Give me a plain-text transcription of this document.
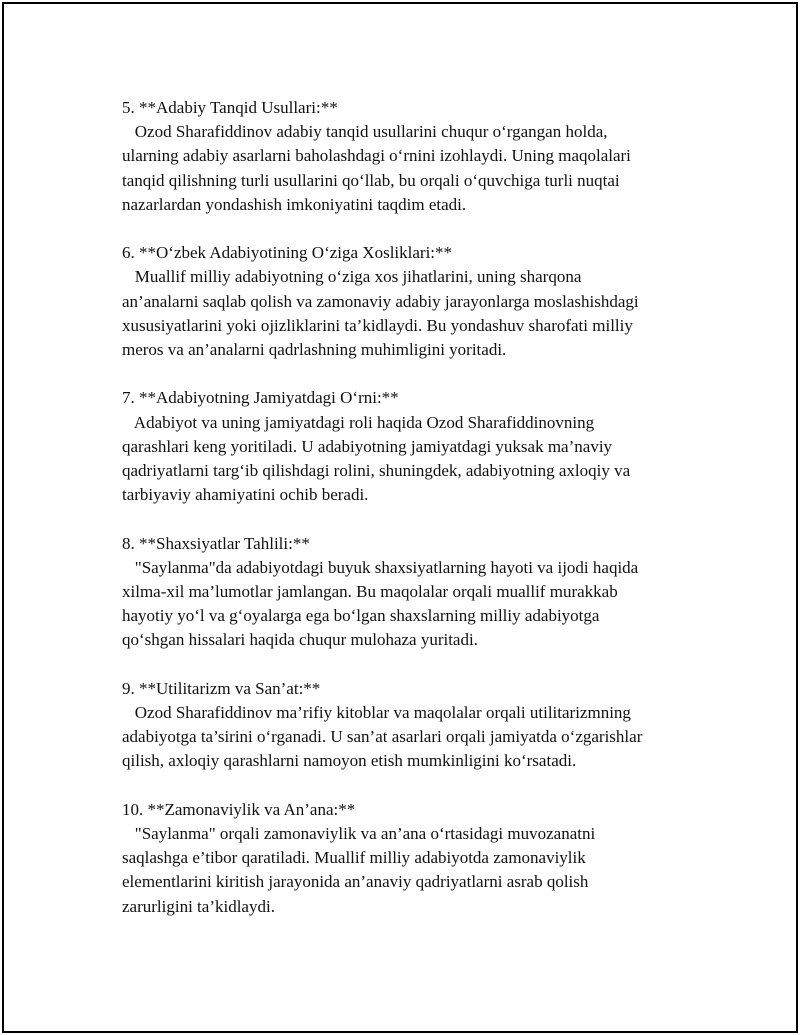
5. **Adabiy Tanqid Usullari:**

Ozod Sharafiddinov adabiy tanqid usullarini chuqur o‘rgangan holda,
ularning adabiy asarlarni baholashdagi o‘rnini izohlaydi. Uning maqolalari
tanqid qilishning turli usullarini qo‘llab, bu orqali o‘quvchiga turli nuqtai
nazarlardan yondashish imkoniyatini taqdim etadi.

6. **O‘zbek Adabiyotining O‘ziga Xosliklari:**

Muallif milliy adabiyotning o‘ziga xos jihatlarini, uning sharqona
an’analarni saqlab qolish va zamonaviy adabiy jarayonlarga moslashishdagi
xususiyatlarini yoki ojizliklarini ta’kidlaydi. Bu yondashuv sharofati milliy
meros va an’analarni qadrlashning muhimligini yoritadi.

7. **Adabiyotning Jamiyatdagi O‘rni:**

Adabiyot va uning jamiyatdagi roli haqida Ozod Sharafiddinovning
qarashlari keng yoritiladi. U adabiyotning jamiyatdagi yuksak ma’naviy
qadriyatlarni targ‘ib qilishdagi rolini, shuningdek, adabiyotning axloqiy va
tarbiyaviy ahamiyatini ochib beradi.

8. **Shaxsiyatlar Tahlili:**

"Saylanma"da adabiyotdagi buyuk shaxsiyatlarning hayoti va ijodi haqida
xilma-xil ma’lumotlar jamlangan. Bu maqolalar orqali muallif murakkab
hayotiy yo‘l va g‘oyalarga ega bo‘lgan shaxslarning milliy adabiyotga
qo‘shgan hissalari haqida chuqur mulohaza yuritadi.

9. **Utilitarizm va San’at:**

Ozod Sharafiddinov ma’rifiy kitoblar va maqolalar orqali utilitarizmning
adabiyotga ta’sirini o‘rganadi. U san’at asarlari orqali jamiyatda o‘zgarishlar
qilish, axloqiy qarashlarni namoyon etish mumkinligini ko‘rsatadi.

10. **Zamonaviylik va An’ana:**

"Saylanma" orqali zamonaviylik va an’ana o‘rtasidagi muvozanatni
saqlashga e’tibor qaratiladi. Muallif milliy adabiyotda zamonaviylik
elementlarini kiritish jarayonida an’anaviy qadriyatlarni asrab qolish
zarurligini ta’kidlaydi.
